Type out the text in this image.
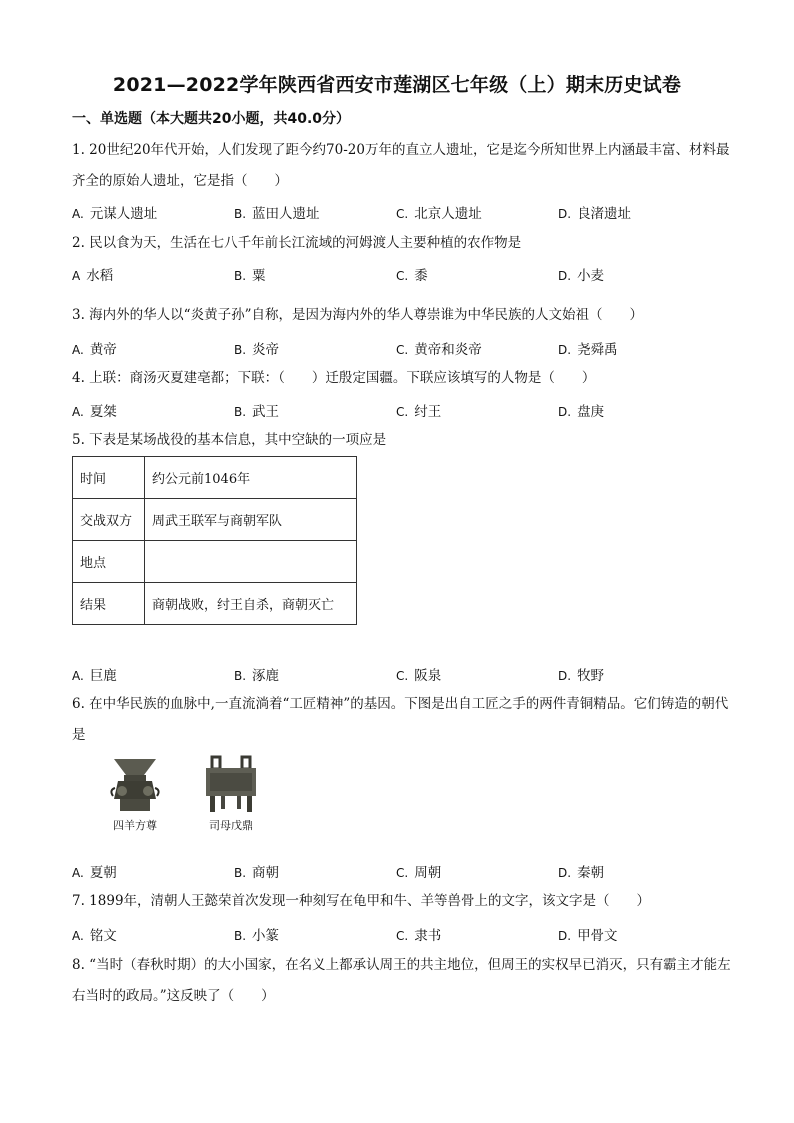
2021—2022学年陕西省西安市莲湖区七年级（上）期末历史试卷
一、单选题（本大题共20小题，共40.0分）
1. 20世纪20年代开始，人们发现了距今约70-20万年的直立人遗址，它是迄今所知世界上内涵最丰富、材料最齐全的原始人遗址，它是指（　　）
A. 元谋人遗址	B. 蓝田人遗址	C. 北京人遗址	D. 良渚遗址
2. 民以食为天，生活在七八千年前长江流域的河姆渡人主要种植的农作物是
A 水稻	B. 粟	C. 黍	D. 小麦
3. 海内外的华人以“炎黄子孙”自称，是因为海内外的华人尊崇谁为中华民族的人文始祖（　　）
A. 黄帝	B. 炎帝	C. 黄帝和炎帝	D. 尧舜禹
4. 上联：商汤灭夏建亳都；下联：（　　）迁殷定国疆。下联应该填写的人物是（　　）
A. 夏桀	B. 武王	C. 纣王	D. 盘庚
5. 下表是某场战役的基本信息，其中空缺的一项应是
时间	约公元前1046年
交战双方	周武王联军与商朝军队
地点	
结果	商朝战败，纣王自杀，商朝灭亡
A. 巨鹿	B. 涿鹿	C. 阪泉	D. 牧野
6. 在中华民族的血脉中,一直流淌着“工匠精神”的基因。下图是出自工匠之手的两件青铜精品。它们铸造的朝代是
四羊方尊	司母戊鼎
A. 夏朝	B. 商朝	C. 周朝	D. 秦朝
7. 1899年，清朝人王懿荣首次发现一种刻写在龟甲和牛、羊等兽骨上的文字，该文字是（　　）
A. 铭文	B. 小篆	C. 隶书	D. 甲骨文
8. “当时（春秋时期）的大小国家，在名义上都承认周王的共主地位，但周王的实权早已消灭，只有霸主才能左右当时的政局。”这反映了（　　）
